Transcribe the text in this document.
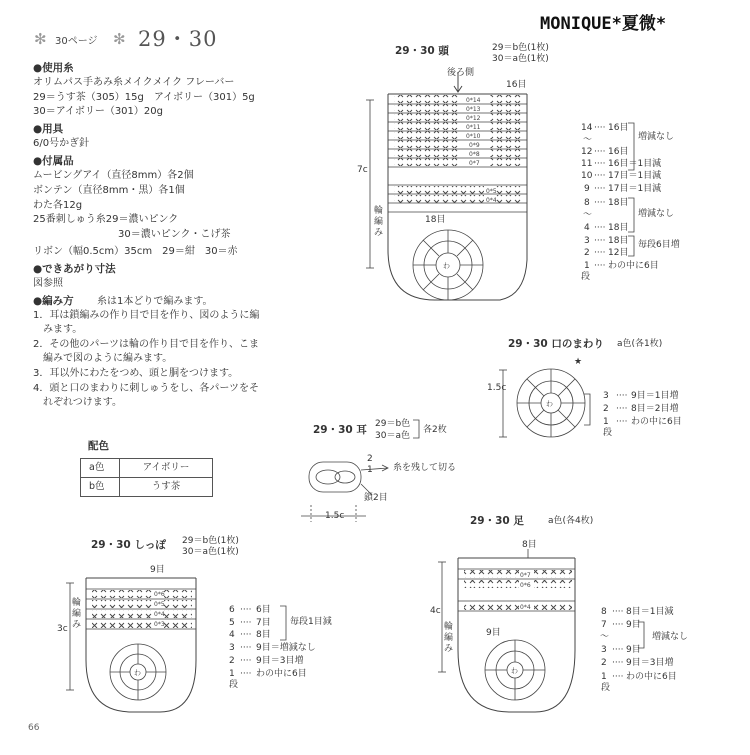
MONIQUE*夏微*
✻ 30ページ ✻ 29・30
●使用糸
オリムパス手あみ糸メイクメイク フレーバー
29＝うす茶（305）15g　アイボリー（301）5g
30＝アイボリー（301）20g
●用具
6/0号かぎ針
●付属品
ムービングアイ（直径8mm）各2個
ボンテン（直径8mm・黒）各1個
わた各12g
25番刺しゅう糸29＝濃いピンク
30＝濃いピンク・こげ茶
リボン（幅0.5cm）35cm　29＝紺　30＝赤
●できあがり寸法
図参照
●編み方 糸は1本どりで編みます。
1．耳は鎖編みの作り目で目を作り、図のように編
　みます。
2．その他のパーツは輪の作り目で目を作り、こま
　編みで図のように編みます。
3．耳以外にわたをつめ、頭と胴をつけます。
4．頭と口のまわりに刺しゅうをし、各パーツをそ
　れぞれつけます。
配色
a色	アイボリー
b色	うす茶
0*14
0*13
0*12
0*11
0*10
0*9
0*8
0*7
0*5
0*4
わ
わ
0*6
0*5
0*4
0*3
わ
0*7
0*6
0*4
わ
29・30 頭	29＝b色(1枚)
30＝a色(1枚)
後ろ側
16目
7c
輪編み
18目
14 ···· 16目
増減なし
〜
12 ···· 16目
11 ···· 16目＝1目減
10 ···· 17目＝1目減
9 ···· 17目＝1目減
8 ···· 18目
増減なし
〜
4 ···· 18目
3 ···· 18目 毎段6目増
2 ···· 12目
1 ···· わの中に6目
段
29・30 口のまわり a色(各1枚)
1.5c
★
3 ···· 9目＝1目増
2 ···· 8目＝2目増
1 ···· わの中に6目
段
29・30 耳 29＝b色
30＝a色
各2枚
2
1 糸を残して切る
鎖2目
1.5c
29・30 しっぽ 29＝b色(1枚)
30＝a色(1枚)
9目
3c
輪編み
6 ···· 6目
毎段1目減
5 ···· 7目
4 ···· 8目
3 ···· 9目＝増減なし
2 ···· 9目＝3目増
1 ···· わの中に6目
段
29・30 足	a色(各4枚)
8目
4c
輪編み
9目
8 ···· 8目＝1目減
7 ···· 9目
増減なし
〜
3 ···· 9目
2 ···· 9目＝3目増
1 ···· わの中に6目
段
66
